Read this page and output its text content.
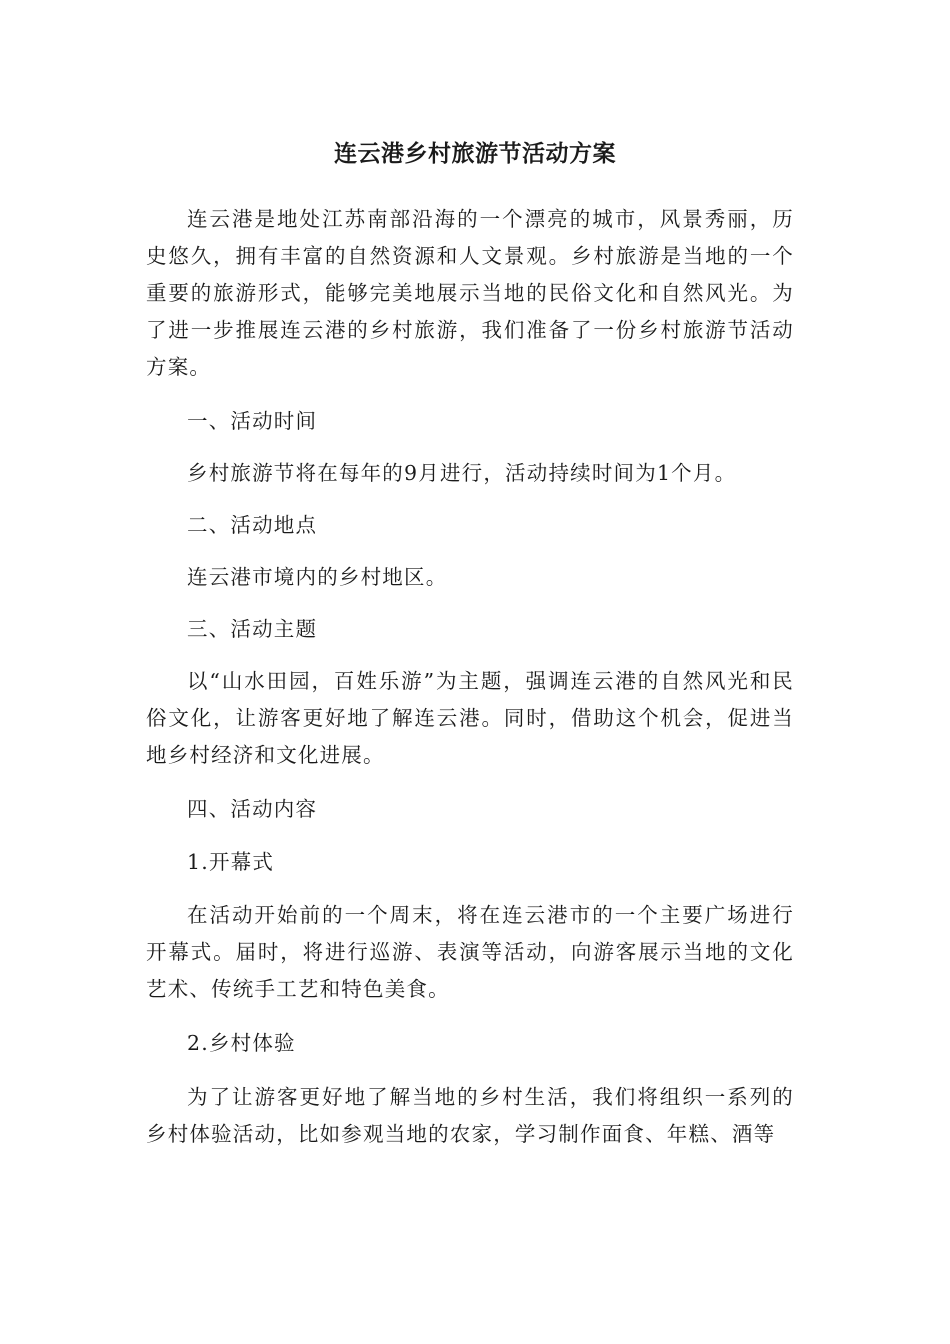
连云港乡村旅游节活动方案

连云港是地处江苏南部沿海的一个漂亮的城市，风景秀丽，历史悠久，拥有丰富的自然资源和人文景观。乡村旅游是当地的一个重要的旅游形式，能够完美地展示当地的民俗文化和自然风光。为了进一步推展连云港的乡村旅游，我们准备了一份乡村旅游节活动方案。

一、活动时间

乡村旅游节将在每年的9月进行，活动持续时间为1个月。

二、活动地点

连云港市境内的乡村地区。

三、活动主题

以“山水田园，百姓乐游”为主题，强调连云港的自然风光和民俗文化，让游客更好地了解连云港。同时，借助这个机会，促进当地乡村经济和文化进展。

四、活动内容

1.开幕式

在活动开始前的一个周末，将在连云港市的一个主要广场进行开幕式。届时，将进行巡游、表演等活动，向游客展示当地的文化艺术、传统手工艺和特色美食。

2.乡村体验

为了让游客更好地了解当地的乡村生活，我们将组织一系列的乡村体验活动，比如参观当地的农家，学习制作面食、年糕、酒等
